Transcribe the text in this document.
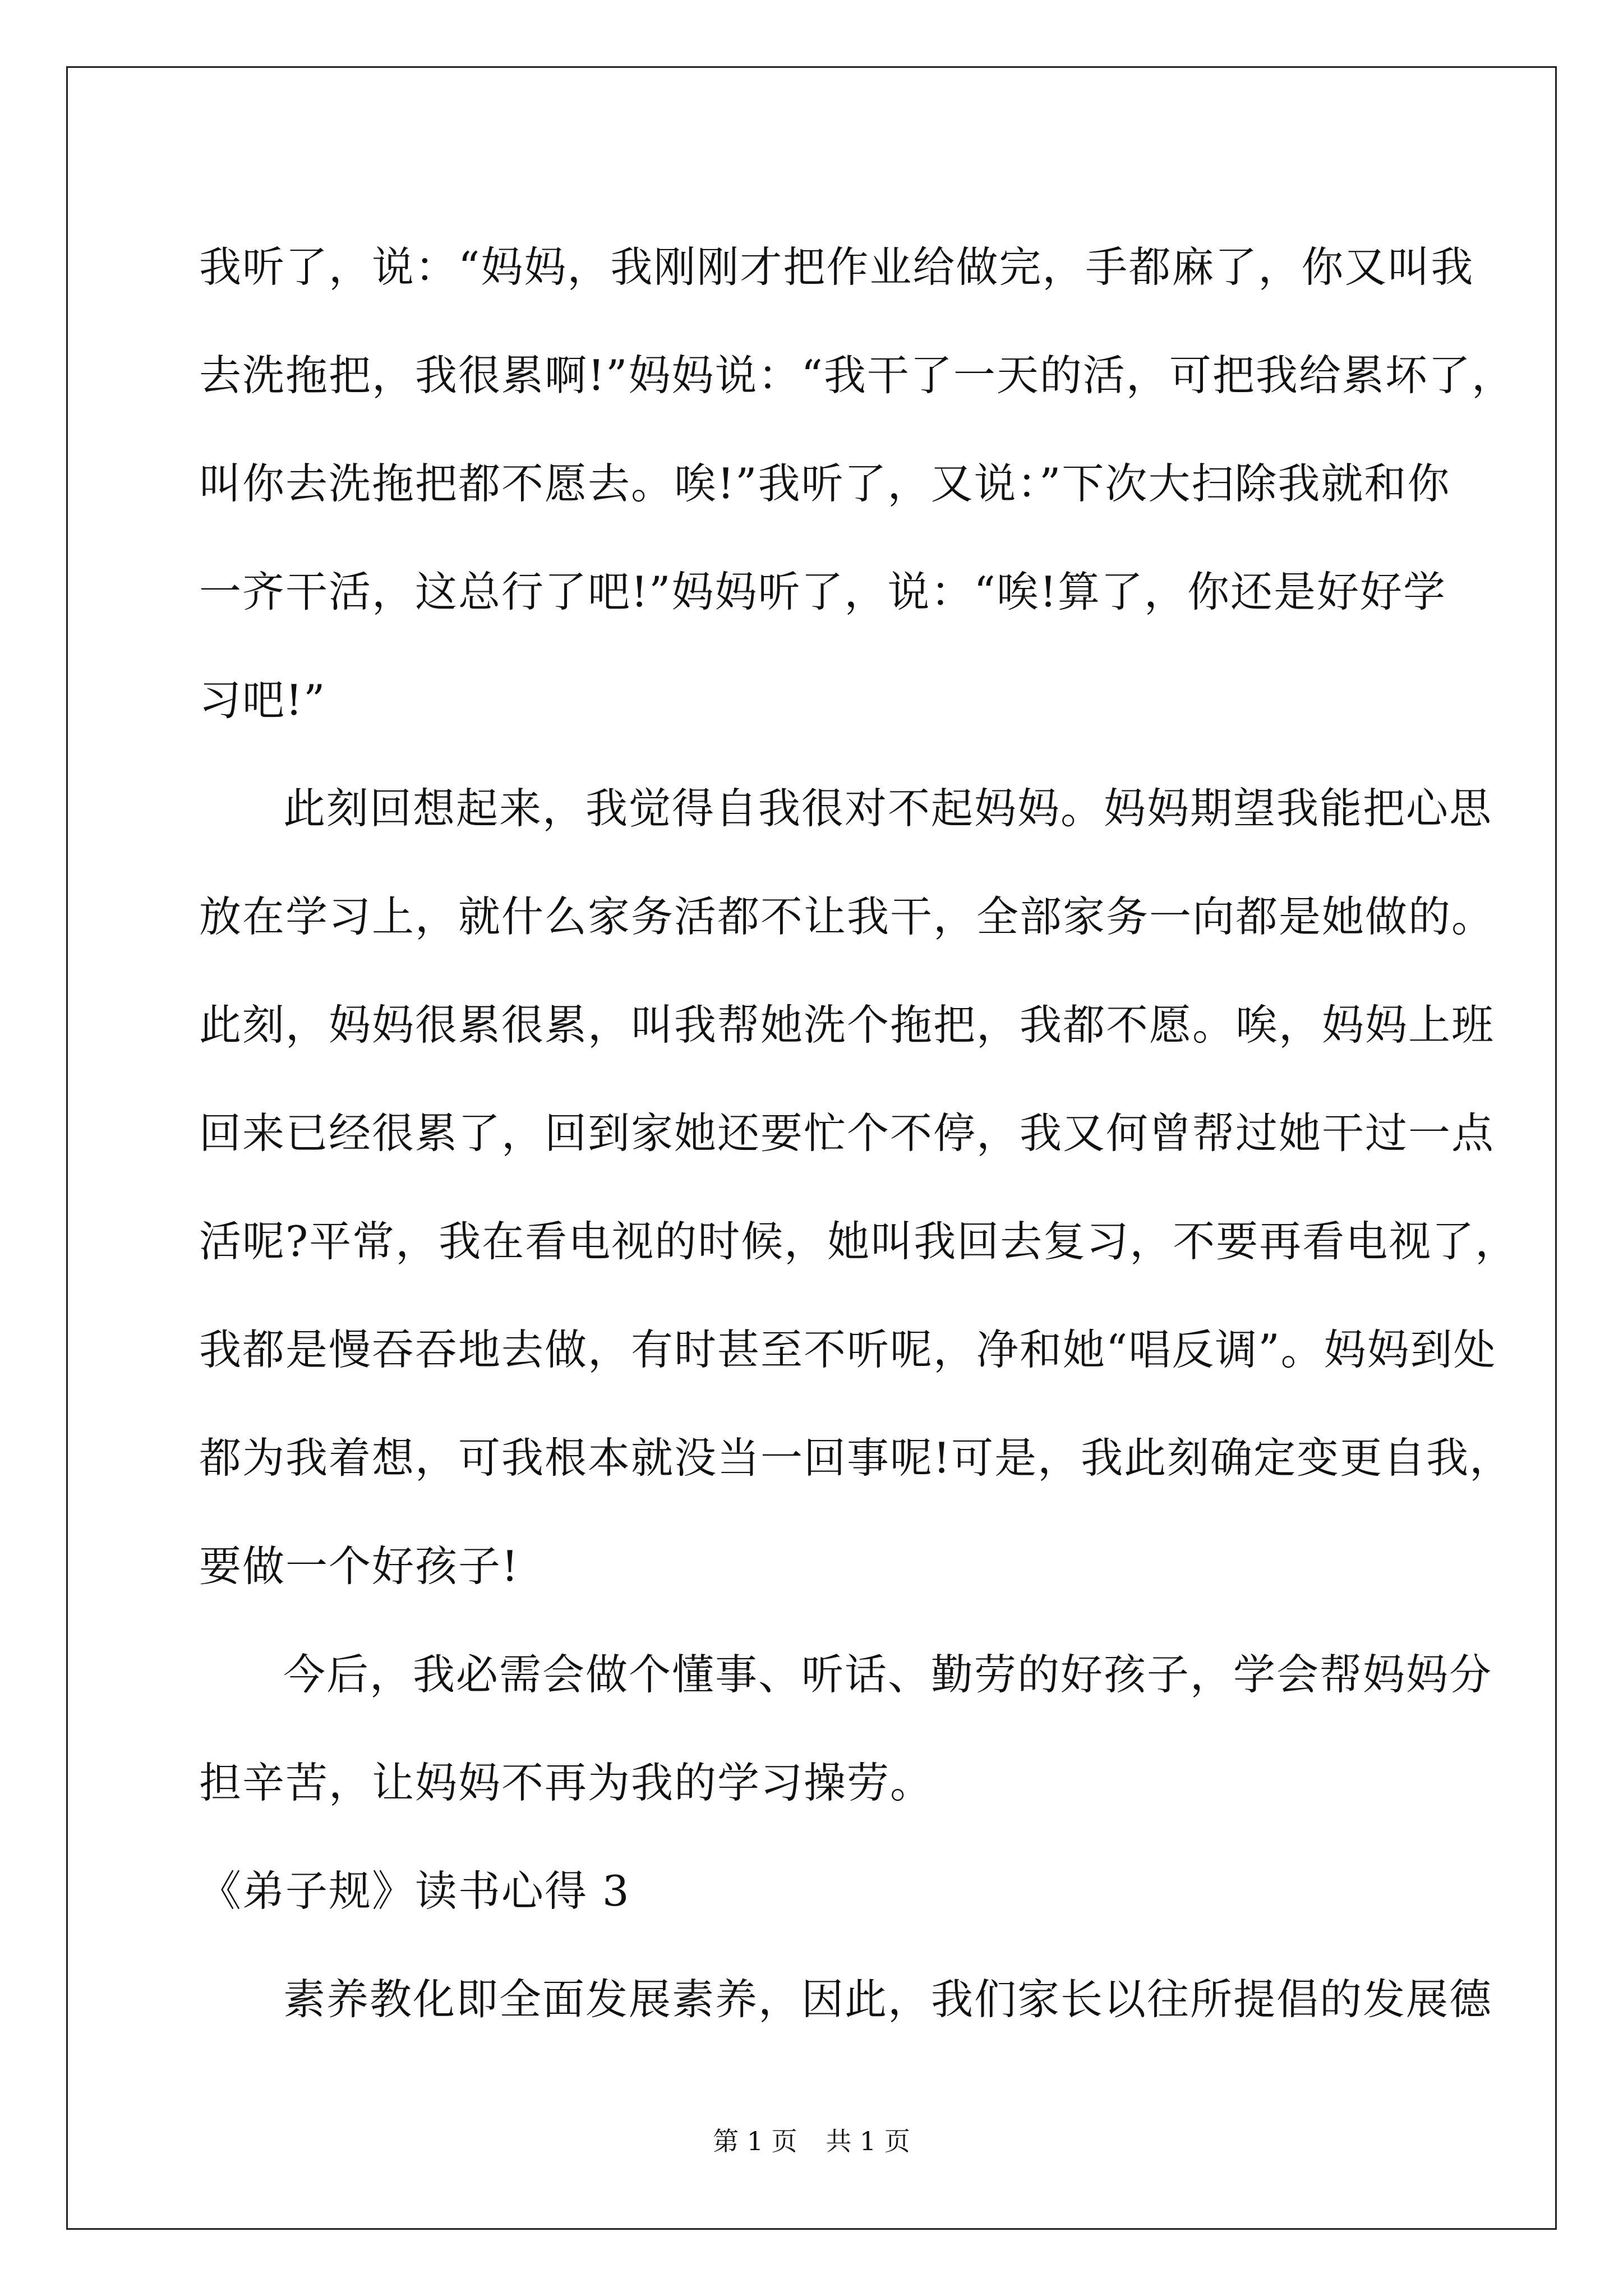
我听了，说：“妈妈，我刚刚才把作业给做完，手都麻了，你又叫我
去洗拖把，我很累啊!”妈妈说：“我干了一天的活，可把我给累坏了，
叫你去洗拖把都不愿去。唉!”我听了，又说：”下次大扫除我就和你
一齐干活，这总行了吧!”妈妈听了，说：“唉!算了，你还是好好学
习吧!”

此刻回想起来，我觉得自我很对不起妈妈。妈妈期望我能把心思
放在学习上，就什么家务活都不让我干，全部家务一向都是她做的。
此刻，妈妈很累很累，叫我帮她洗个拖把，我都不愿。唉，妈妈上班
回来已经很累了，回到家她还要忙个不停，我又何曾帮过她干过一点
活呢?平常，我在看电视的时候，她叫我回去复习，不要再看电视了，
我都是慢吞吞地去做，有时甚至不听呢，净和她“唱反调”。妈妈到处
都为我着想，可我根本就没当一回事呢!可是，我此刻确定变更自我，
要做一个好孩子!

今后，我必需会做个懂事、听话、勤劳的好孩子，学会帮妈妈分
担辛苦，让妈妈不再为我的学习操劳。

《弟子规》读书心得 3

素养教化即全面发展素养，因此，我们家长以往所提倡的发展德

第 1 页 共 1 页
